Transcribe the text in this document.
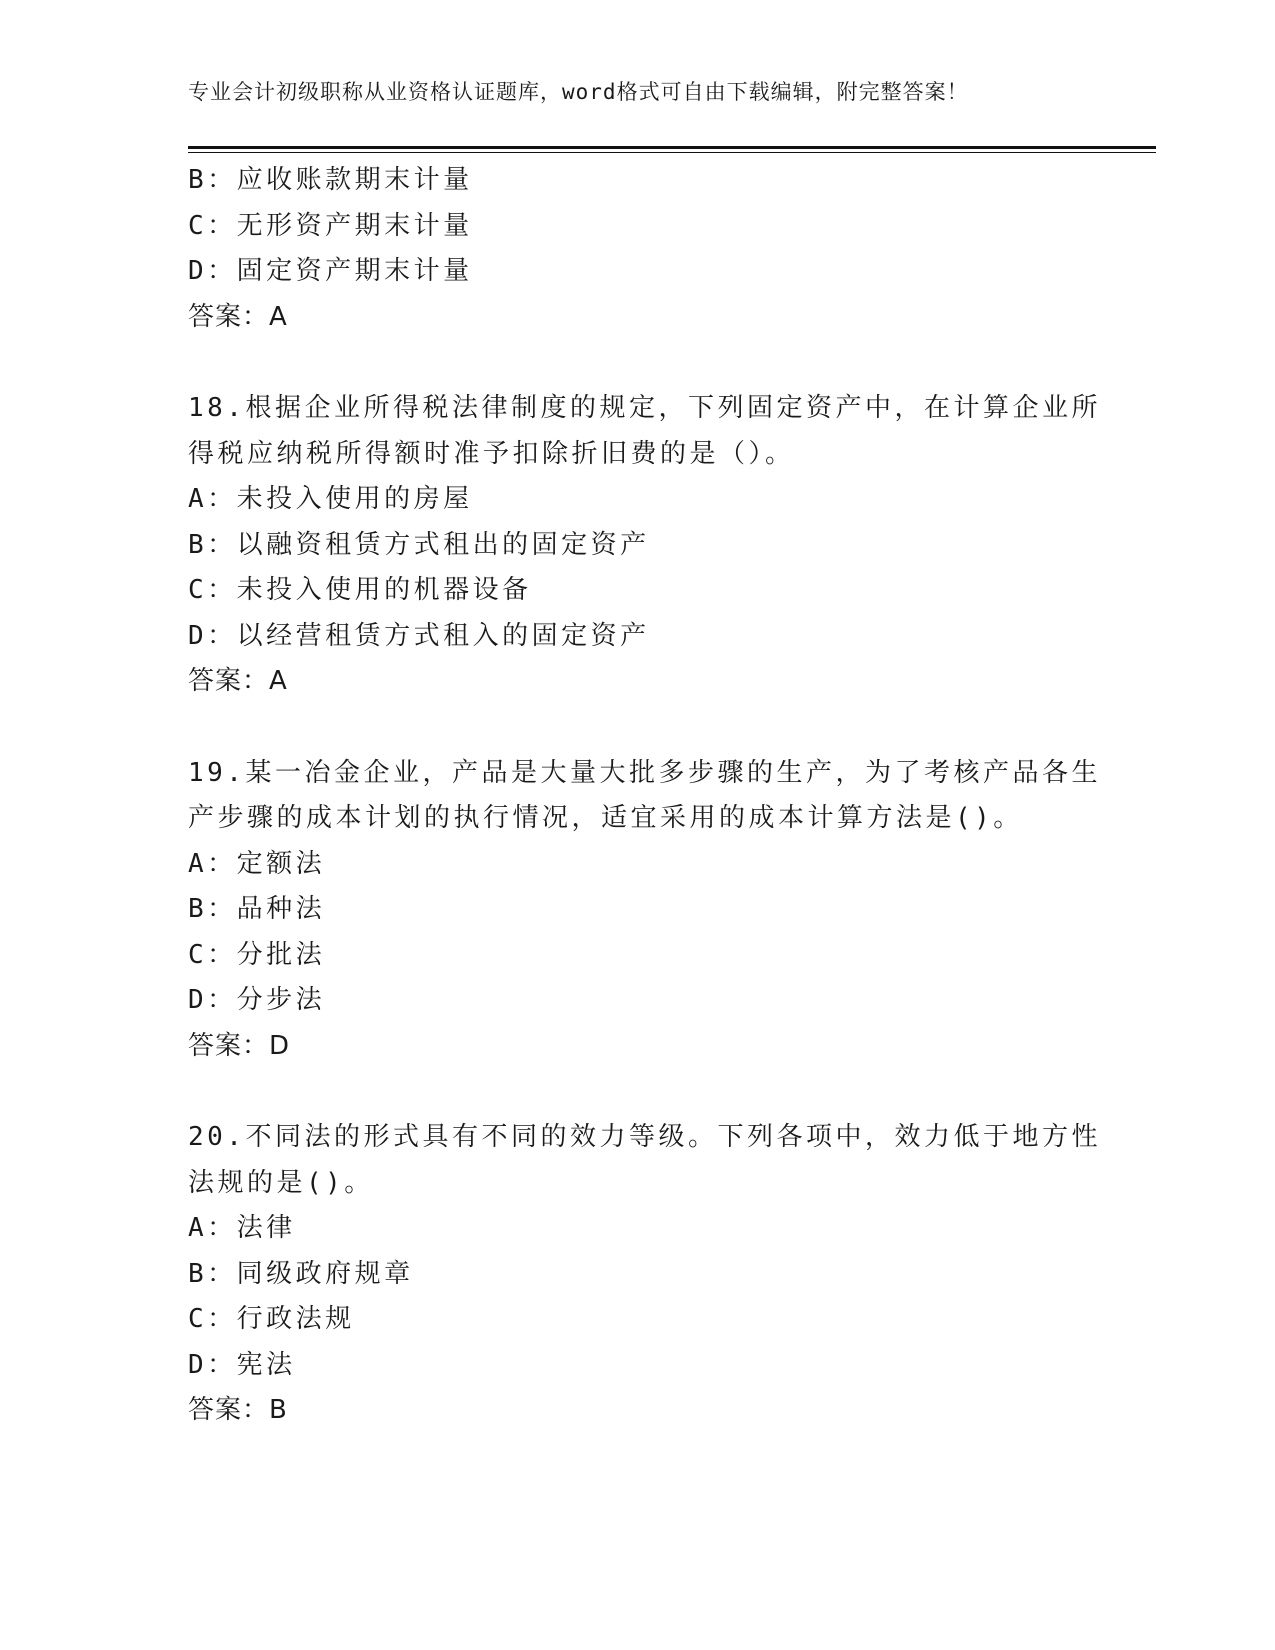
专业会计初级职称从业资格认证题库，word格式可自由下载编辑，附完整答案！
B：应收账款期末计量
C：无形资产期末计量
D：固定资产期末计量
答案：A
18.根据企业所得税法律制度的规定，下列固定资产中，在计算企业所
得税应纳税所得额时准予扣除折旧费的是（）。
A：未投入使用的房屋
B：以融资租赁方式租出的固定资产
C：未投入使用的机器设备
D：以经营租赁方式租入的固定资产
答案：A
19.某一冶金企业，产品是大量大批多步骤的生产，为了考核产品各生
产步骤的成本计划的执行情况，适宜采用的成本计算方法是()。
A：定额法
B：品种法
C：分批法
D：分步法
答案：D
20.不同法的形式具有不同的效力等级。下列各项中，效力低于地方性
法规的是()。
A：法律
B：同级政府规章
C：行政法规
D：宪法
答案：B
